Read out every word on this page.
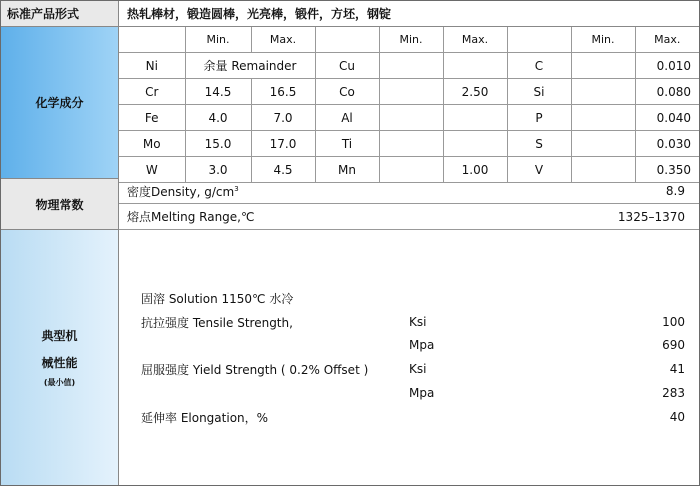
标准产品形式	热轧棒材，锻造圆棒，光亮棒，锻件，方坯，钢锭
化学成分
	Min.	Max.		Min.	Max.		Min.	Max.
Ni	余量 Remainder		Cu			C		0.010
Cr	14.5	16.5	Co		2.50	Si		0.080
Fe	4.0	7.0	Al			P		0.040
Mo	15.0	17.0	Ti			S		0.030
W	3.0	4.5	Mn		1.00	V		0.350
物理常数
密度Density, $g/cm^3$	8.9
熔点Melting Range,℃	1325–1370
典型机
械性能
(最小值)
固溶 Solution 1150℃ 水冷
抗拉强度 Tensile Strength,	Ksi	100
Mpa	690
屈服强度 Yield Strength ( 0.2% Offset )	Ksi	41
Mpa	283
延伸率 Elongation，%	40
